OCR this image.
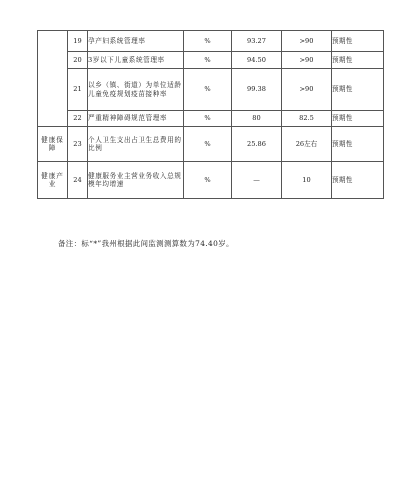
	19	孕产妇系统管理率	%	93.27	>90	预期性
	20	3岁以下儿童系统管理率	%	94.50	>90	预期性
	21	以乡（镇、街道）为单位适龄儿童免疫规划疫苗接种率	%	99.38	>90	预期性
	22	严重精神障碍规范管理率	%	80	82.5	预期性
健康保障	23	个人卫生支出占卫生总费用的比例	%	25.86	26左右	预期性
健康产业	24	健康服务业主营业务收入总规模年均增速	%	—	10	预期性
备注：标“*”我州根据此间监测测算数为74.40岁。
